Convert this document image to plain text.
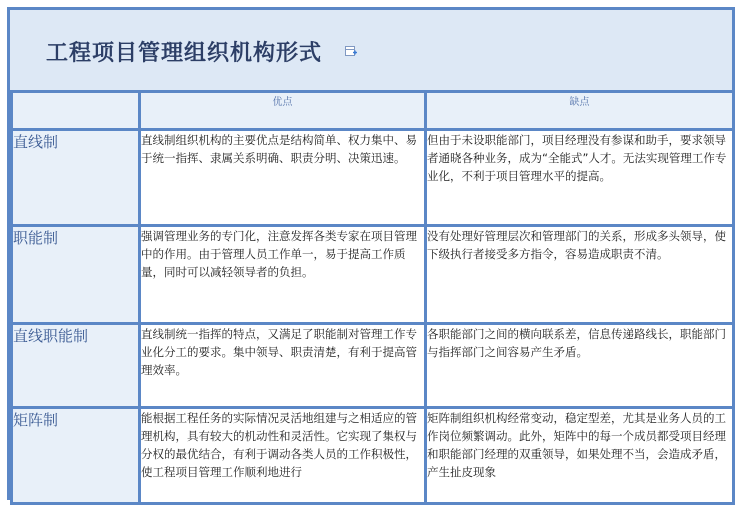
工程项目管理组织机构形式
	优点	缺点
直线制	直线制组织机构的主要优点是结构简单、权力集中、易于统一指挥、隶属关系明确、职责分明、决策迅速。	但由于未设职能部门，项目经理没有参谋和助手，要求领导者通晓各种业务，成为“全能式”人才。无法实现管理工作专业化，不利于项目管理水平的提高。
职能制	强调管理业务的专门化，注意发挥各类专家在项目管理中的作用。由于管理人员工作单一，易于提高工作质量，同时可以减轻领导者的负担。	没有处理好管理层次和管理部门的关系，形成多头领导，使下级执行者接受多方指令，容易造成职责不清。
直线职能制	直线制统一指挥的特点，又满足了职能制对管理工作专业化分工的要求。集中领导、职责清楚，有利于提高管理效率。	各职能部门之间的横向联系差，信息传递路线长，职能部门与指挥部门之间容易产生矛盾。
矩阵制	能根据工程任务的实际情况灵活地组建与之相适应的管理机构，具有较大的机动性和灵活性。它实现了集权与分权的最优结合，有利于调动各类人员的工作积极性，使工程项目管理工作顺利地进行	矩阵制组织机构经常变动，稳定型差，尤其是业务人员的工作岗位频繁调动。此外，矩阵中的每一个成员都受项目经理和职能部门经理的双重领导，如果处理不当，会造成矛盾，产生扯皮现象
